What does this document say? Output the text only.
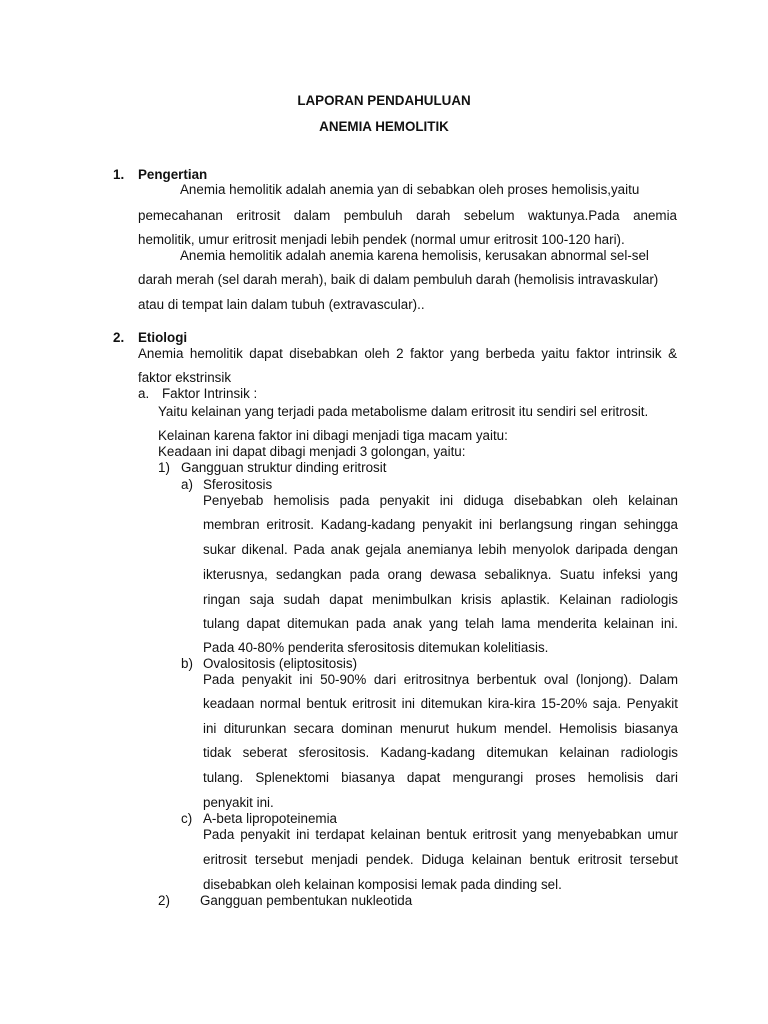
LAPORAN PENDAHULUAN
ANEMIA HEMOLITIK
1. Pengertian
Anemia hemolitik adalah anemia yan di sebabkan oleh proses hemolisis,yaitu
pemecahanan eritrosit dalam pembuluh darah sebelum waktunya.Pada anemia
hemolitik, umur eritrosit menjadi lebih pendek (normal umur eritrosit 100-120 hari).
Anemia hemolitik adalah anemia karena hemolisis, kerusakan abnormal sel-sel
darah merah (sel darah merah), baik di dalam pembuluh darah (hemolisis intravaskular)
atau di tempat lain dalam tubuh (extravascular)..
2. Etiologi
Anemia hemolitik dapat disebabkan oleh 2 faktor yang berbeda yaitu faktor intrinsik &
faktor ekstrinsik
a. Faktor Intrinsik :
Yaitu kelainan yang terjadi pada metabolisme dalam eritrosit itu sendiri sel eritrosit.
Kelainan karena faktor ini dibagi menjadi tiga macam yaitu:
Keadaan ini dapat dibagi menjadi 3 golongan, yaitu:
1) Gangguan struktur dinding eritrosit
a) Sferositosis
Penyebab hemolisis pada penyakit ini diduga disebabkan oleh kelainan
membran eritrosit. Kadang-kadang penyakit ini berlangsung ringan sehingga
sukar dikenal. Pada anak gejala anemianya lebih menyolok daripada dengan
ikterusnya, sedangkan pada orang dewasa sebaliknya. Suatu infeksi yang
ringan saja sudah dapat menimbulkan krisis aplastik. Kelainan radiologis
tulang dapat ditemukan pada anak yang telah lama menderita kelainan ini.
Pada 40-80% penderita sferositosis ditemukan kolelitiasis.
b) Ovalositosis (eliptositosis)
Pada penyakit ini 50-90% dari eritrositnya berbentuk oval (lonjong). Dalam
keadaan normal bentuk eritrosit ini ditemukan kira-kira 15-20% saja. Penyakit
ini diturunkan secara dominan menurut hukum mendel. Hemolisis biasanya
tidak seberat sferositosis. Kadang-kadang ditemukan kelainan radiologis
tulang. Splenektomi biasanya dapat mengurangi proses hemolisis dari
penyakit ini.
c) A-beta lipropoteinemia
Pada penyakit ini terdapat kelainan bentuk eritrosit yang menyebabkan umur
eritrosit tersebut menjadi pendek. Diduga kelainan bentuk eritrosit tersebut
disebabkan oleh kelainan komposisi lemak pada dinding sel.
2) Gangguan pembentukan nukleotida
